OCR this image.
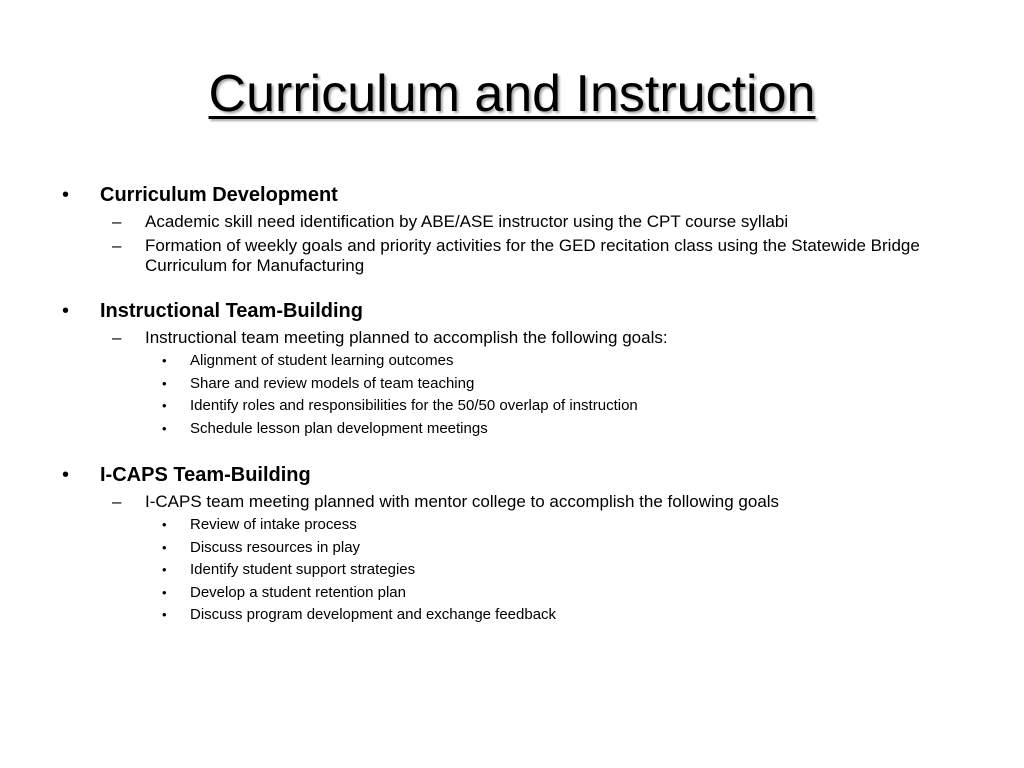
Curriculum and Instruction
•	Curriculum Development
– Academic skill need identification by ABE/ASE instructor using the CPT course syllabi
– Formation of weekly goals and priority activities for the GED recitation class using the Statewide Bridge Curriculum for Manufacturing
•	Instructional Team-Building
– Instructional team meeting planned to accomplish the following goals:
• Alignment of student learning outcomes
• Share and review models of team teaching
• Identify roles and responsibilities for the 50/50 overlap of instruction
• Schedule lesson plan development meetings
•	I-CAPS Team-Building
– I-CAPS team meeting planned with mentor college to accomplish the following goals
• Review of intake process
• Discuss resources in play
• Identify student support strategies
• Develop a student retention plan
• Discuss program development and exchange feedback
